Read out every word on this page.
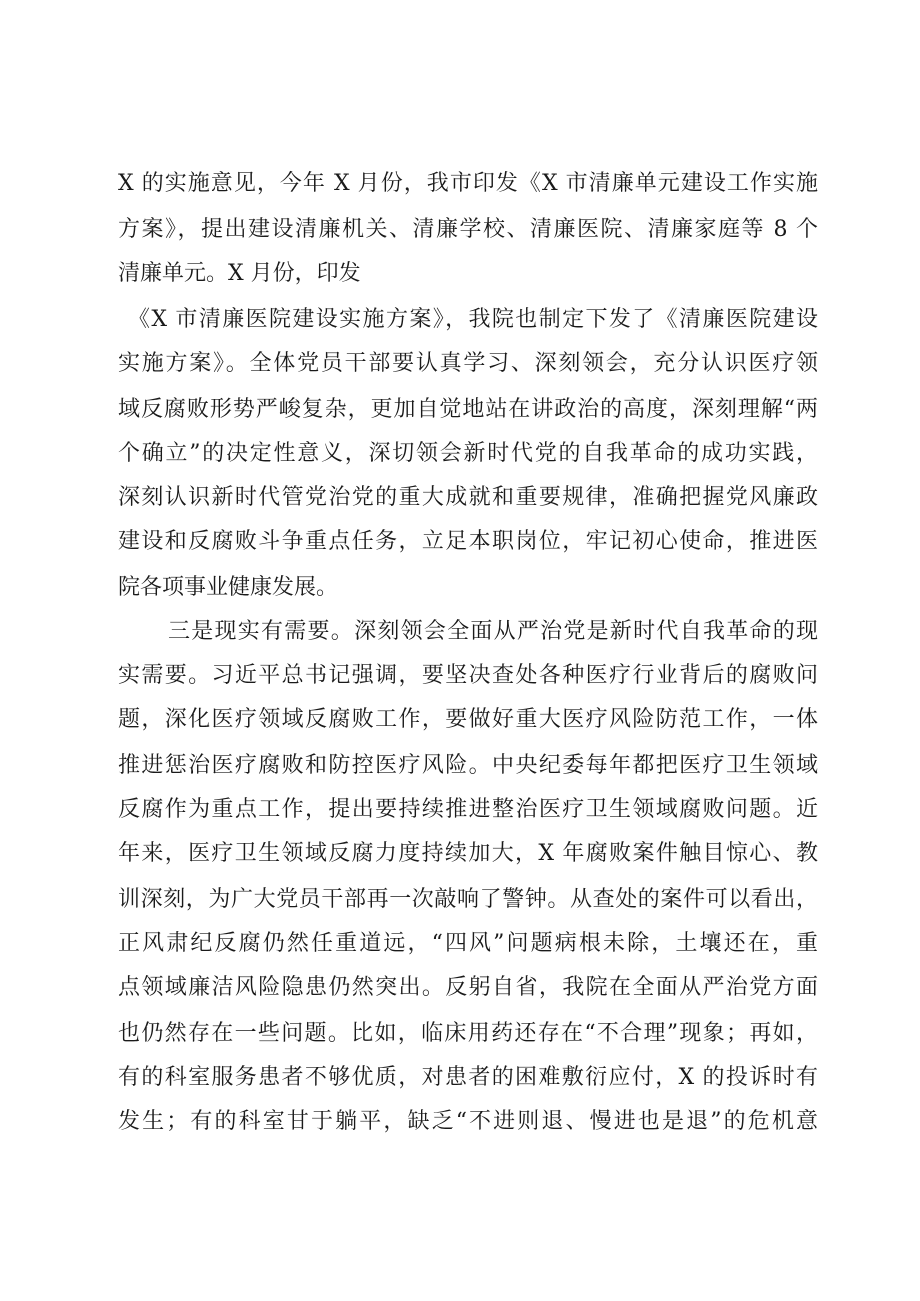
X 的实施意见，今年 X 月份，我市印发《X 市清廉单元建设工作实施
方案》，提出建设清廉机关、清廉学校、清廉医院、清廉家庭等 8 个
清廉单元。X 月份，印发
《X 市清廉医院建设实施方案》，我院也制定下发了《清廉医院建设
实施方案》。全体党员干部要认真学习、深刻领会，充分认识医疗领
域反腐败形势严峻复杂，更加自觉地站在讲政治的高度，深刻理解“两
个确立”的决定性意义，深切领会新时代党的自我革命的成功实践，
深刻认识新时代管党治党的重大成就和重要规律，准确把握党风廉政
建设和反腐败斗争重点任务，立足本职岗位，牢记初心使命，推进医
院各项事业健康发展。
三是现实有需要。深刻领会全面从严治党是新时代自我革命的现
实需要。习近平总书记强调，要坚决查处各种医疗行业背后的腐败问
题，深化医疗领域反腐败工作，要做好重大医疗风险防范工作，一体
推进惩治医疗腐败和防控医疗风险。中央纪委每年都把医疗卫生领域
反腐作为重点工作，提出要持续推进整治医疗卫生领域腐败问题。近
年来，医疗卫生领域反腐力度持续加大，X 年腐败案件触目惊心、教
训深刻，为广大党员干部再一次敲响了警钟。从查处的案件可以看出，
正风肃纪反腐仍然任重道远，“四风”问题病根未除，土壤还在，重
点领域廉洁风险隐患仍然突出。反躬自省，我院在全面从严治党方面
也仍然存在一些问题。比如，临床用药还存在“不合理”现象；再如，
有的科室服务患者不够优质，对患者的困难敷衍应付，X 的投诉时有
发生；有的科室甘于躺平，缺乏“不进则退、慢进也是退”的危机意
